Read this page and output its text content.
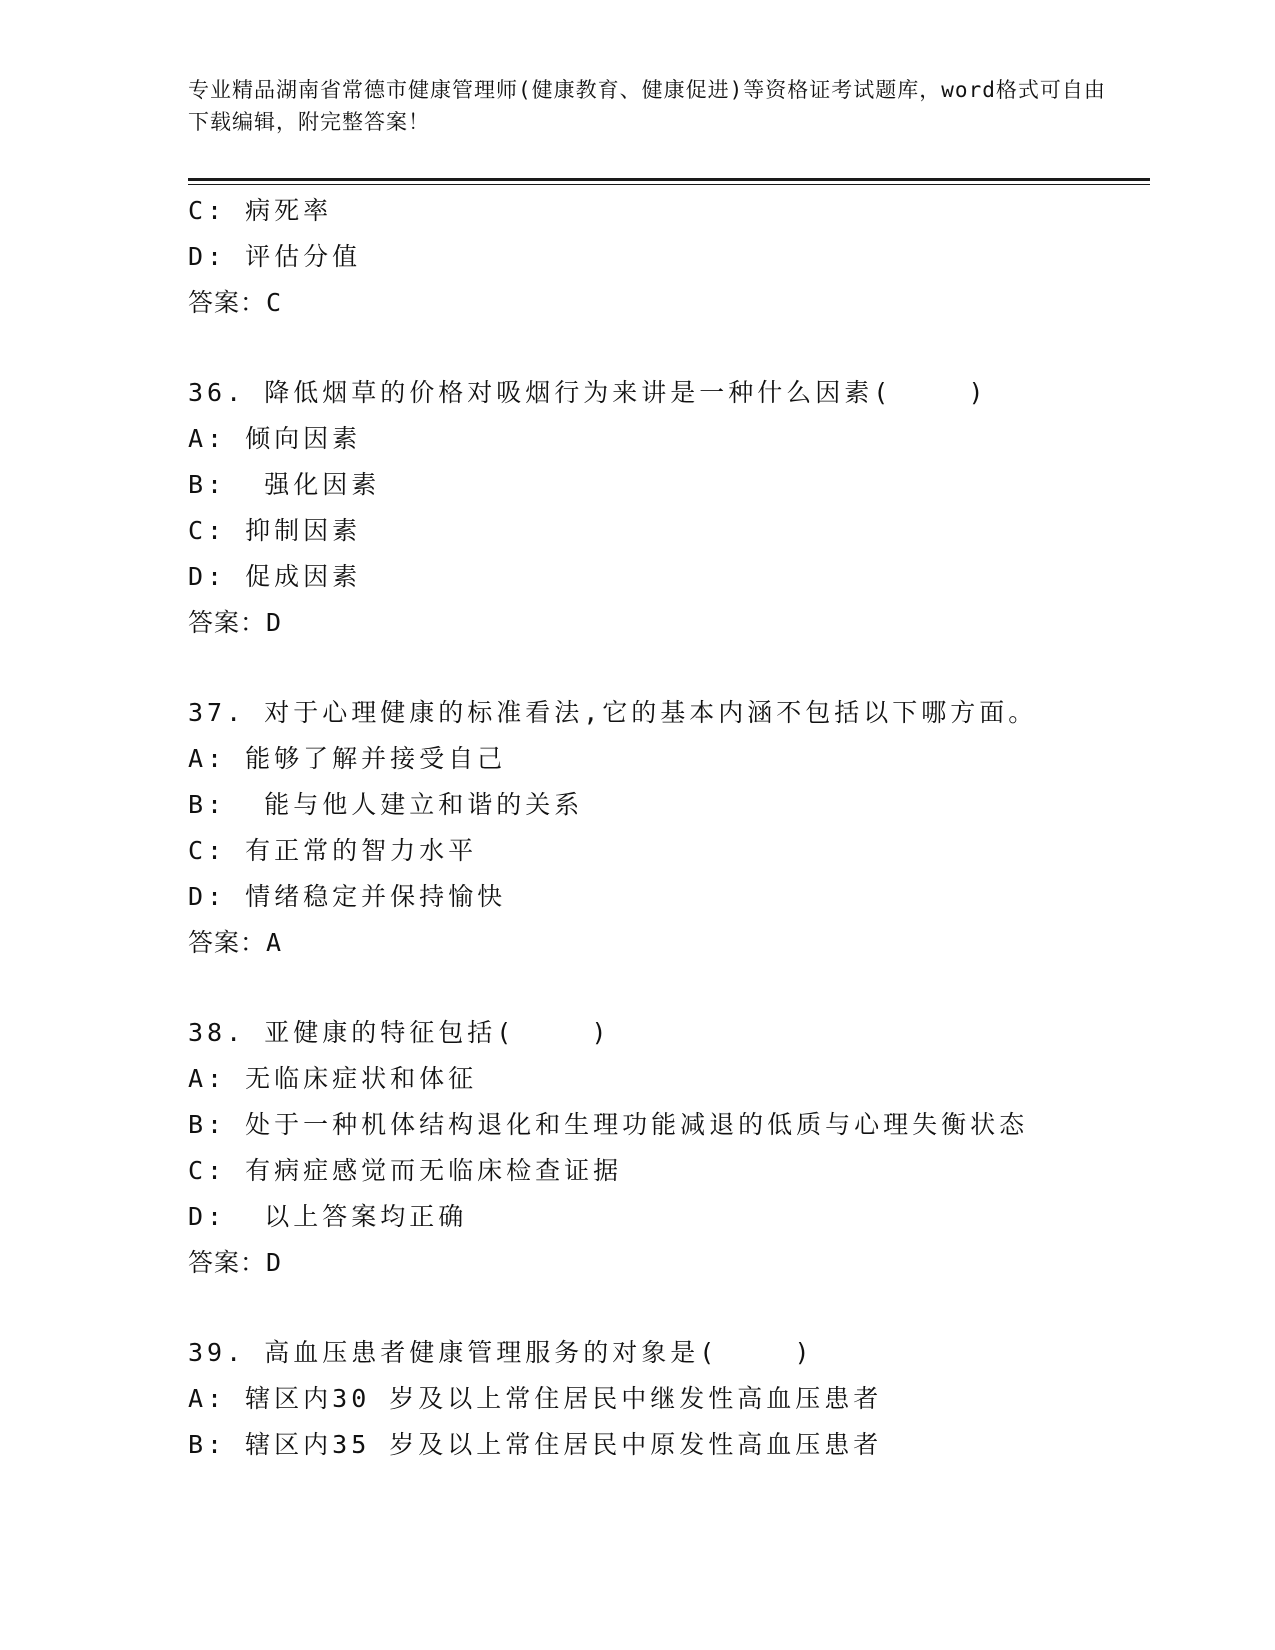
专业精品湖南省常德市健康管理师(健康教育、健康促进)等资格证考试题库，word格式可自由下载编辑，附完整答案！
C: 病死率
D: 评估分值
答案：C
36. 降低烟草的价格对吸烟行为来讲是一种什么因素(    )
A: 倾向因素
B:  强化因素
C: 抑制因素
D: 促成因素
答案：D
37. 对于心理健康的标准看法,它的基本内涵不包括以下哪方面。
A: 能够了解并接受自己
B:  能与他人建立和谐的关系
C: 有正常的智力水平
D: 情绪稳定并保持愉快
答案：A
38. 亚健康的特征包括(    )
A: 无临床症状和体征
B: 处于一种机体结构退化和生理功能减退的低质与心理失衡状态
C: 有病症感觉而无临床检查证据
D:  以上答案均正确
答案：D
39. 高血压患者健康管理服务的对象是(    )
A: 辖区内30 岁及以上常住居民中继发性高血压患者
B: 辖区内35 岁及以上常住居民中原发性高血压患者
